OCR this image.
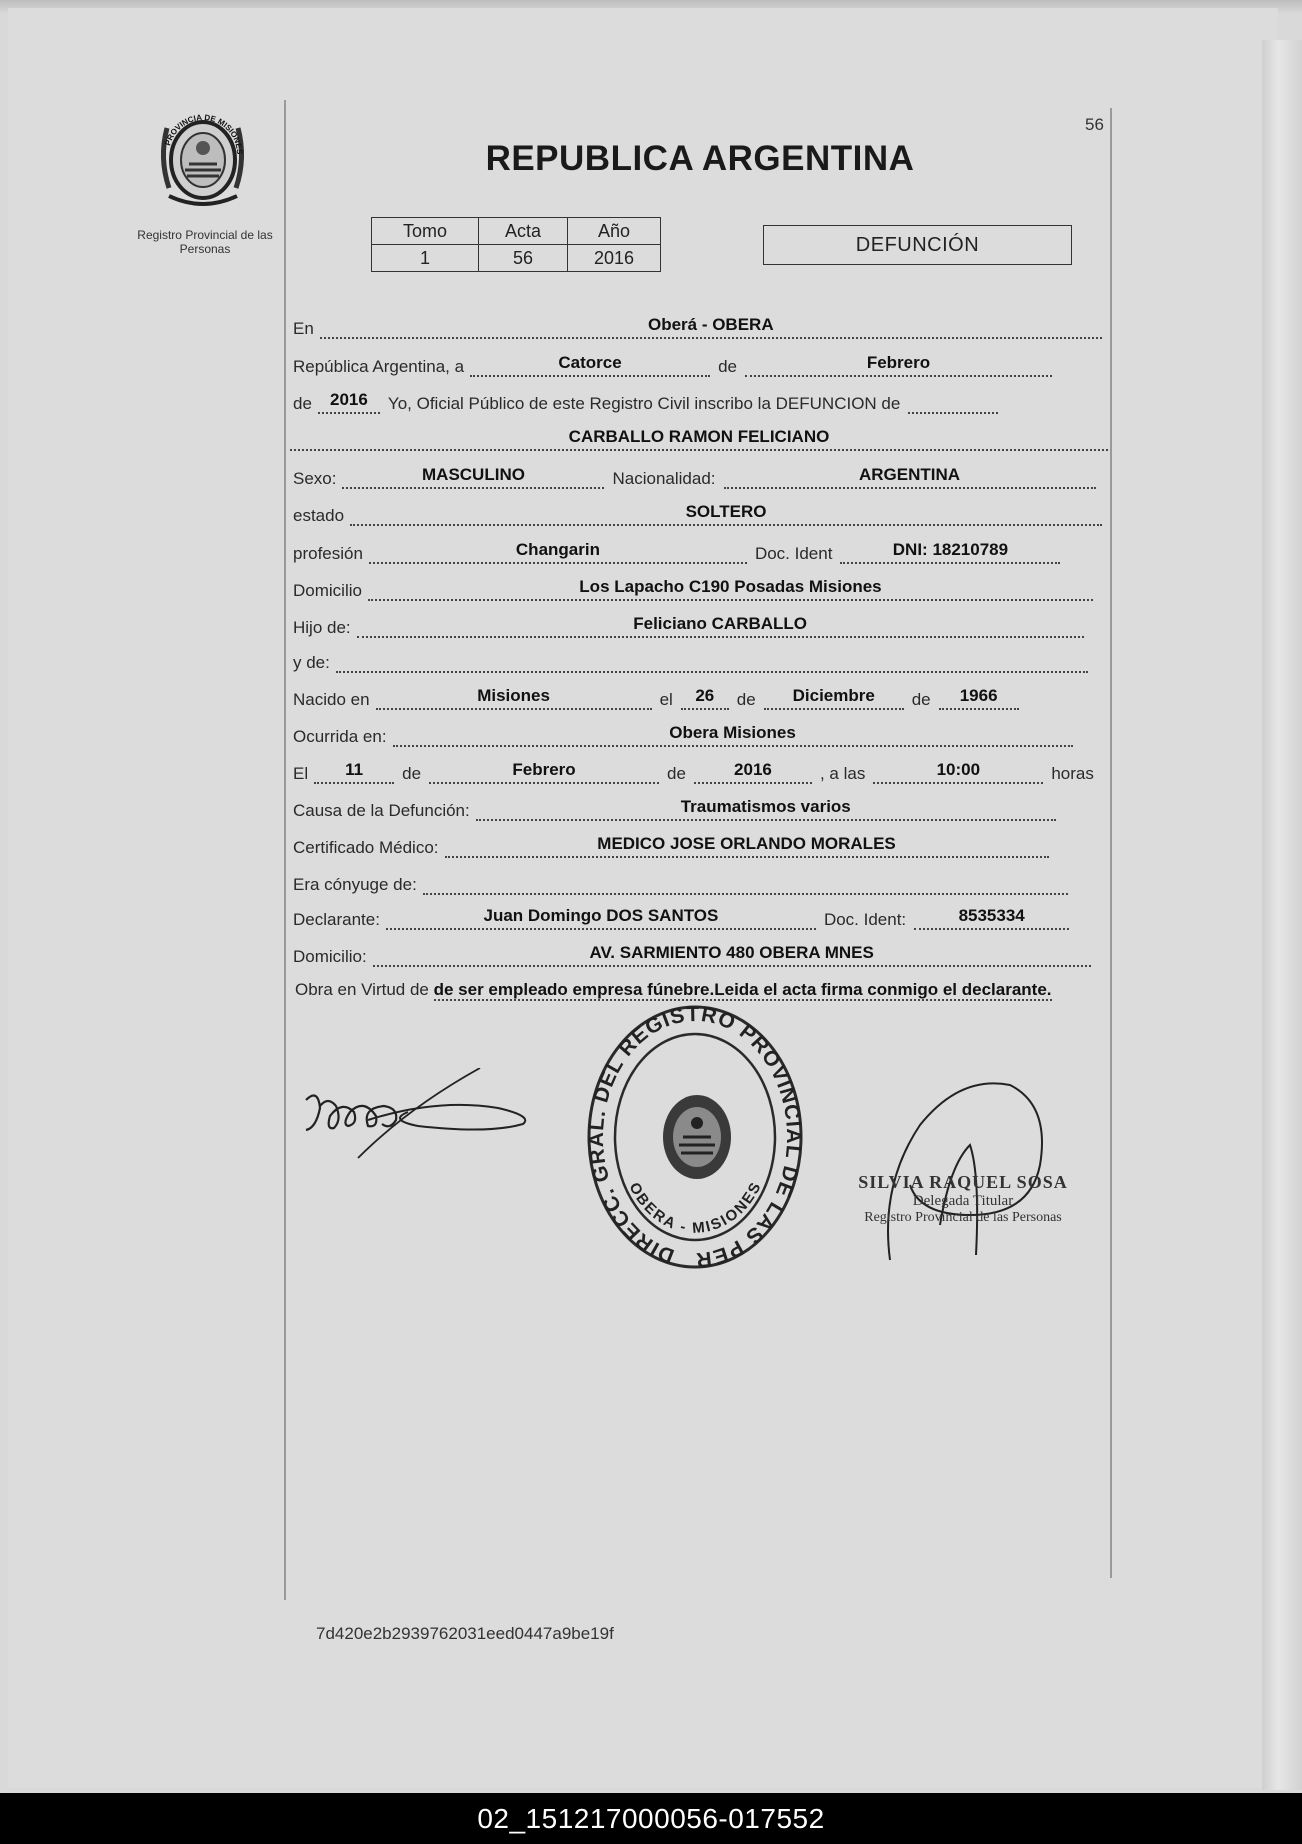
PROVINCIA DE MISIONES
Registro Provincial de las Personas
56
REPUBLICA ARGENTINA
Tomo	Acta	Año
1	56	2016
DEFUNCIÓN
En	Oberá - OBERA
República Argentina, a	Catorce	de	Febrero
de	2016	Yo, Oficial Público de este Registro Civil inscribo la DEFUNCION de
CARBALLO RAMON FELICIANO
Sexo:	MASCULINO	Nacionalidad:	ARGENTINA
estado	SOLTERO
profesión	Changarin	Doc. Ident	DNI: 18210789
Domicilio	Los Lapacho C190 Posadas Misiones
Hijo de:	Feliciano CARBALLO
y de:
Nacido en	Misiones	el	26	de	Diciembre	de	1966
Ocurrida en:	Obera Misiones
El	11	de	Febrero	de	2016	, a las	10:00	horas
Causa de la Defunción:	Traumatismos varios
Certificado Médico:	MEDICO JOSE ORLANDO MORALES
Era cónyuge de:
Declarante:	Juan Domingo DOS SANTOS	Doc. Ident:	8535334
Domicilio:	AV. SARMIENTO 480 OBERA MNES
Obra en Virtud de de ser empleado empresa fúnebre.Leida el acta firma conmigo el declarante.
DIRECC. GRAL. DEL REGISTRO PROVINCIAL DE LAS PER
OBERA - MISIONES	SILVIA RAQUEL SOSA
Delegada Titular
Registro Provincial de las Personas
7d420e2b2939762031eed0447a9be19f
02_151217000056-017552
